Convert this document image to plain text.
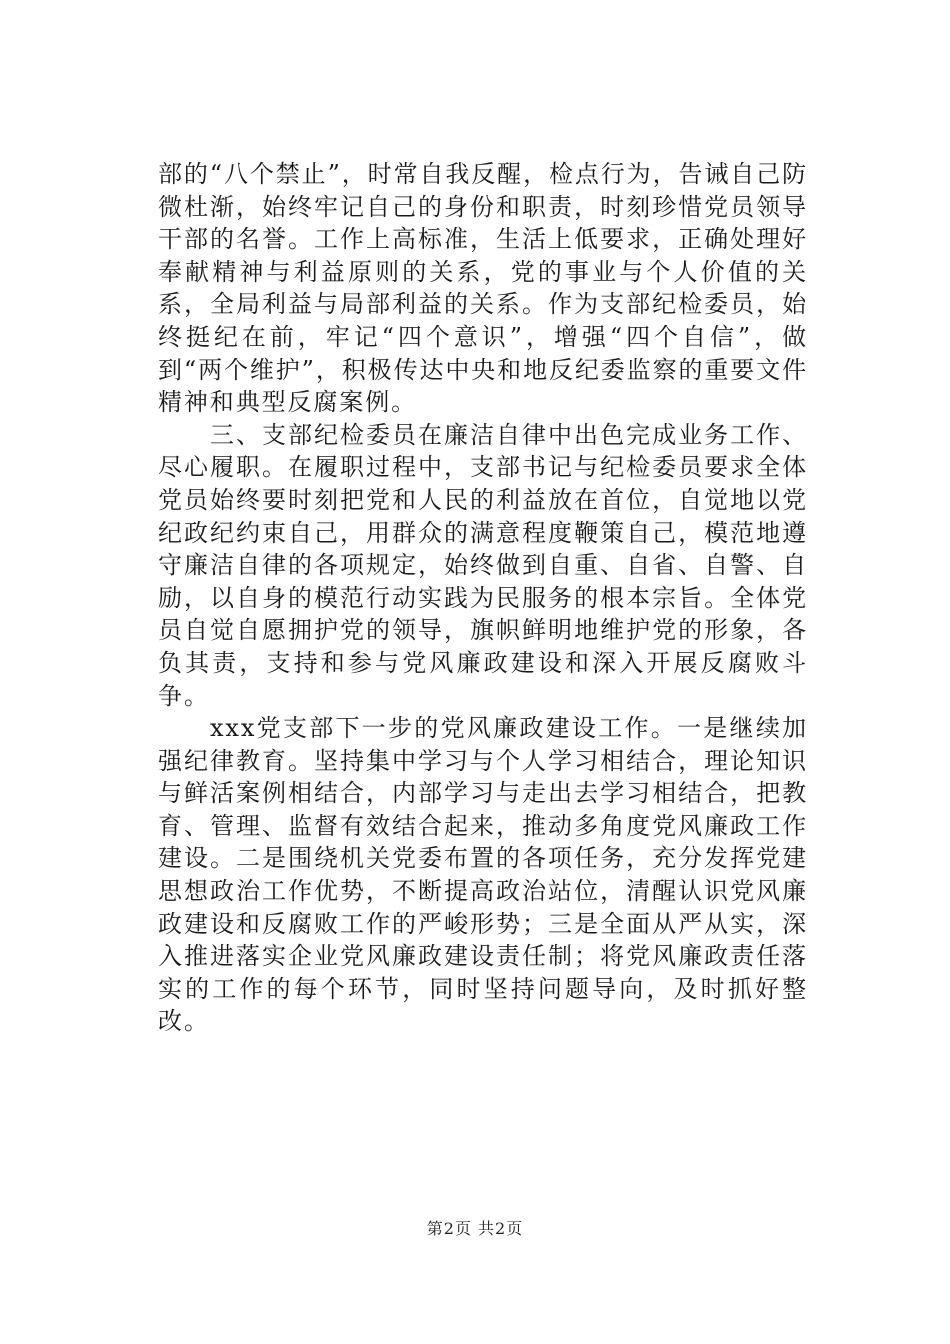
部的“八个禁止”，时常自我反醒，检点行为，告诫自己防微杜渐，始终牢记自己的身份和职责，时刻珍惜党员领导干部的名誉。工作上高标准，生活上低要求，正确处理好奉献精神与利益原则的关系，党的事业与个人价值的关系，全局利益与局部利益的关系。作为支部纪检委员，始终挺纪在前，牢记“四个意识”，增强“四个自信”，做到“两个维护”，积极传达中央和地反纪委监察的重要文件精神和典型反腐案例。

三、支部纪检委员在廉洁自律中出色完成业务工作、尽心履职。在履职过程中，支部书记与纪检委员要求全体党员始终要时刻把党和人民的利益放在首位，自觉地以党纪政纪约束自己，用群众的满意程度鞭策自己，模范地遵守廉洁自律的各项规定，始终做到自重、自省、自警、自励，以自身的模范行动实践为民服务的根本宗旨。全体党员自觉自愿拥护党的领导，旗帜鲜明地维护党的形象，各负其责，支持和参与党风廉政建设和深入开展反腐败斗争。

xxx党支部下一步的党风廉政建设工作。一是继续加强纪律教育。坚持集中学习与个人学习相结合，理论知识与鲜活案例相结合，内部学习与走出去学习相结合，把教育、管理、监督有效结合起来，推动多角度党风廉政工作建设。二是围绕机关党委布置的各项任务，充分发挥党建思想政治工作优势，不断提高政治站位，清醒认识党风廉政建设和反腐败工作的严峻形势；三是全面从严从实，深入推进落实企业党风廉政建设责任制；将党风廉政责任落实的工作的每个环节，同时坚持问题导向，及时抓好整改。

第2页 共2页
